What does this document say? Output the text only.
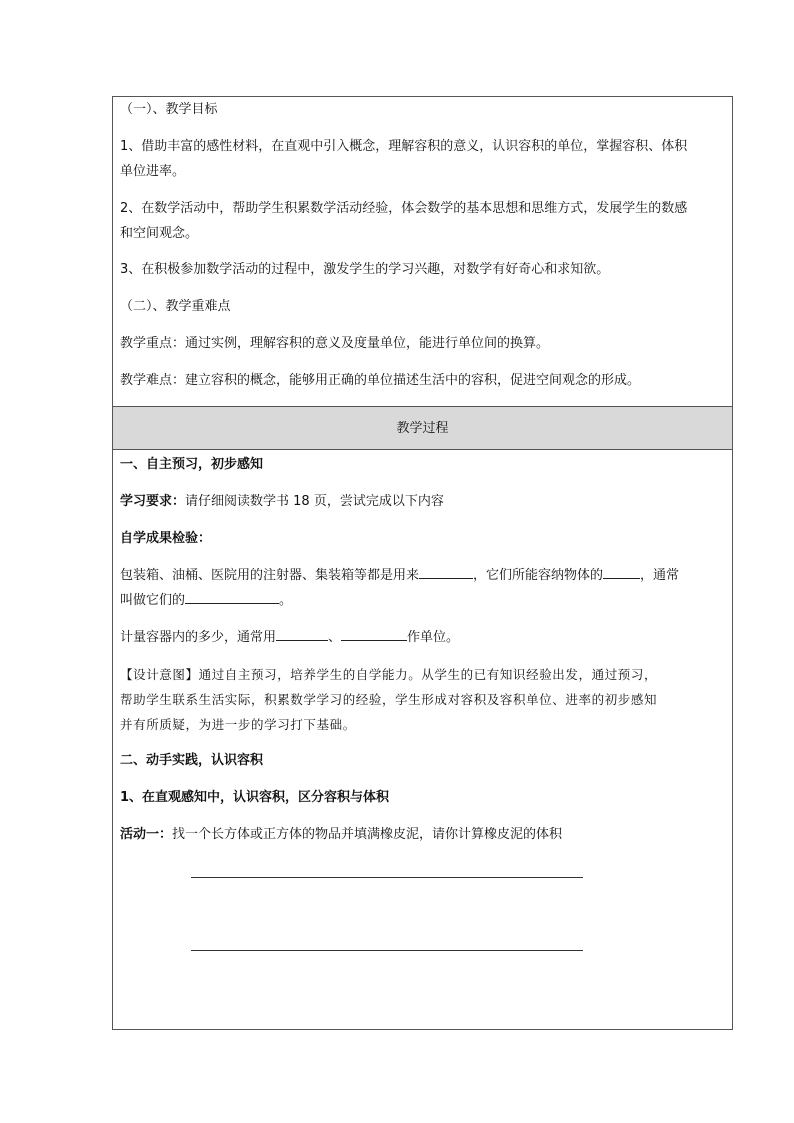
（一）、教学目标
1、借助丰富的感性材料，在直观中引入概念，理解容积的意义，认识容积的单位，掌握容积、体积
单位进率。
2、在数学活动中，帮助学生积累数学活动经验，体会数学的基本思想和思维方式，发展学生的数感
和空间观念。
3、在积极参加数学活动的过程中，激发学生的学习兴趣，对数学有好奇心和求知欲。
（二）、教学重难点
教学重点：通过实例，理解容积的意义及度量单位，能进行单位间的换算。
教学难点：建立容积的概念，能够用正确的单位描述生活中的容积，促进空间观念的形成。
教学过程
一、自主预习，初步感知
学习要求：请仔细阅读数学书 18 页，尝试完成以下内容
自学成果检验：
包装箱、油桶、医院用的注射器、集装箱等都是用来	，它们所能容纳物体的	，通常
叫做它们的	。
计量容器内的多少，通常用	、	作单位。
【设计意图】通过自主预习，培养学生的自学能力。从学生的已有知识经验出发，通过预习，
帮助学生联系生活实际，积累数学学习的经验，学生形成对容积及容积单位、进率的初步感知
并有所质疑，为进一步的学习打下基础。
二、动手实践，认识容积
1、在直观感知中，认识容积，区分容积与体积
活动一：找一个长方体或正方体的物品并填满橡皮泥，请你计算橡皮泥的体积
